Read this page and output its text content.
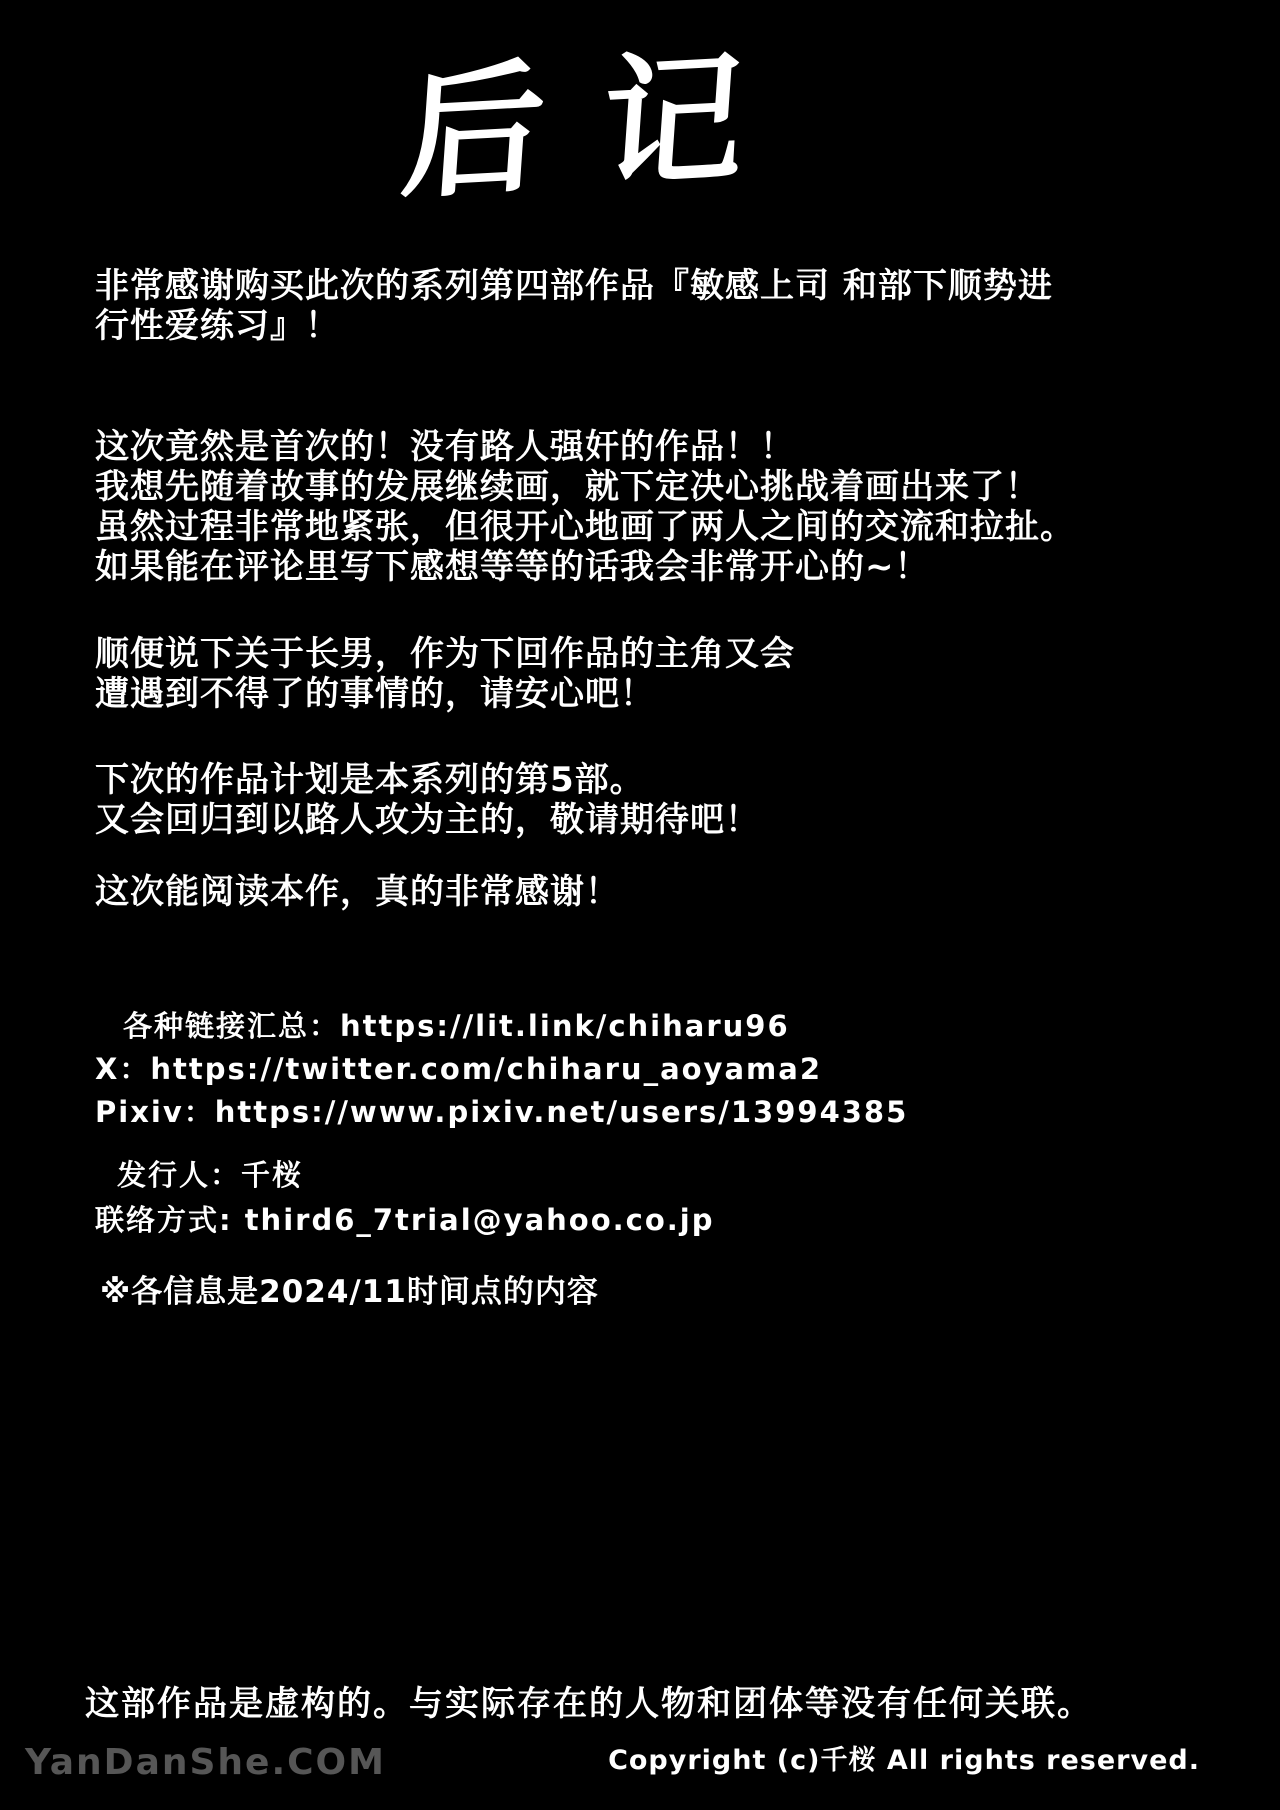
后记
非常感谢购买此次的系列第四部作品『敏感上司 和部下顺势进
行性爱练习』！
这次竟然是首次的！没有路人强奸的作品！！
我想先随着故事的发展继续画，就下定决心挑战着画出来了！
虽然过程非常地紧张，但很开心地画了两人之间的交流和拉扯。
如果能在评论里写下感想等等的话我会非常开心的~！
顺便说下关于长男，作为下回作品的主角又会
遭遇到不得了的事情的，请安心吧！
下次的作品计划是本系列的第5部。
又会回归到以路人攻为主的，敬请期待吧！
这次能阅读本作，真的非常感谢！
各种链接汇总：https://lit.link/chiharu96
X：https://twitter.com/chiharu_aoyama2
Pixiv：https://www.pixiv.net/users/13994385
发行人：千桜
联络方式: third6_7trial@yahoo.co.jp
※各信息是2024/11时间点的内容
这部作品是虚构的。与实际存在的人物和团体等没有任何关联。
Copyright (c)千桜 All rights reserved.
YanDanShe.COM
